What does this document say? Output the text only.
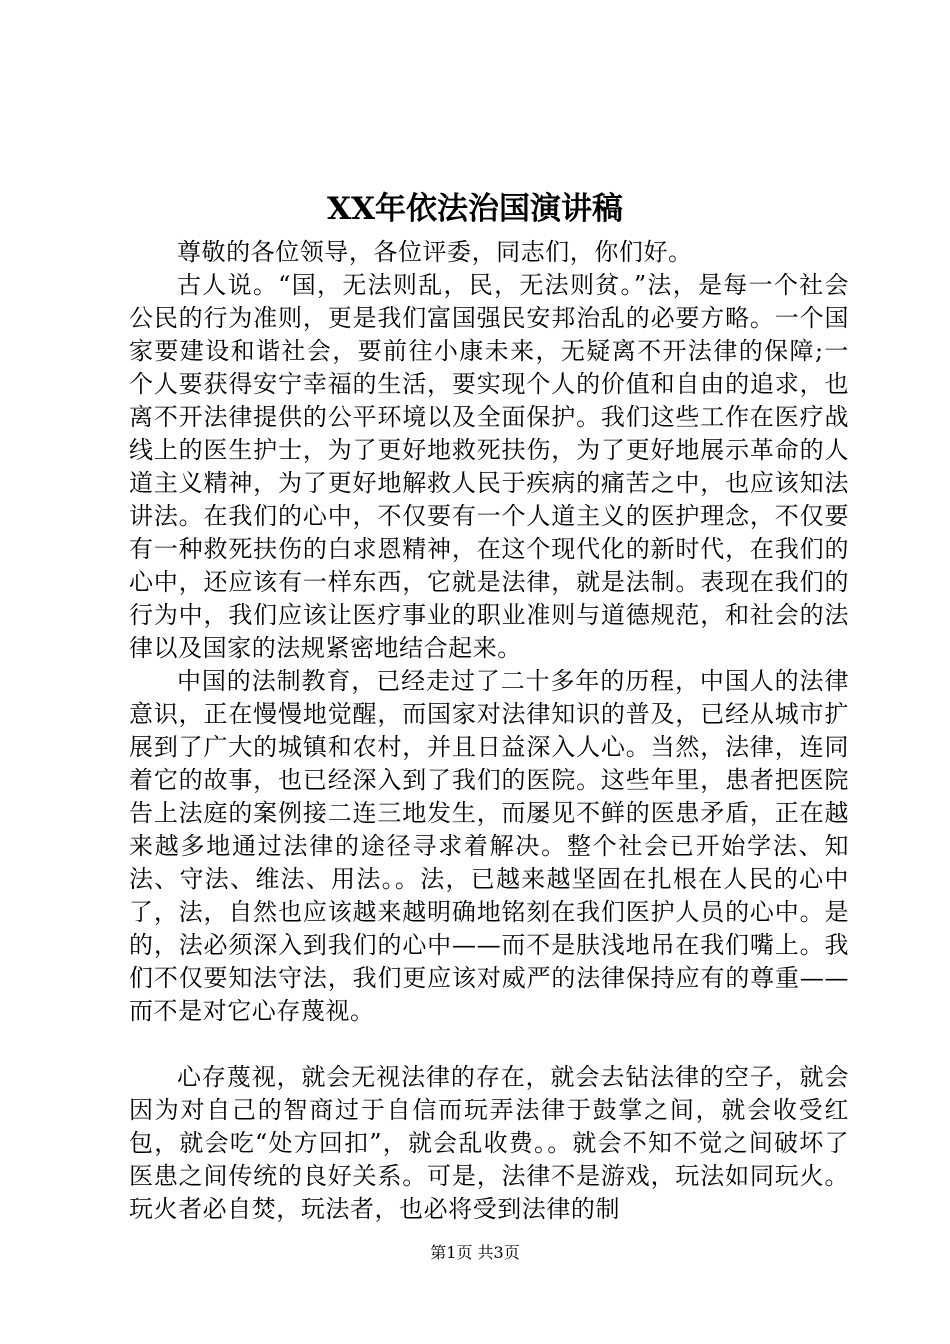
XX年依法治国演讲稿

尊敬的各位领导，各位评委，同志们，你们好。

古人说。“国，无法则乱，民，无法则贫。”法，是每一个社会公民的行为准则，更是我们富国强民安邦治乱的必要方略。一个国家要建设和谐社会，要前往小康未来，无疑离不开法律的保障;一个人要获得安宁幸福的生活，要实现个人的价值和自由的追求，也离不开法律提供的公平环境以及全面保护。我们这些工作在医疗战线上的医生护士，为了更好地救死扶伤，为了更好地展示革命的人道主义精神，为了更好地解救人民于疾病的痛苦之中，也应该知法讲法。在我们的心中，不仅要有一个人道主义的医护理念，不仅要有一种救死扶伤的白求恩精神，在这个现代化的新时代，在我们的心中，还应该有一样东西，它就是法律，就是法制。表现在我们的行为中，我们应该让医疗事业的职业准则与道德规范，和社会的法律以及国家的法规紧密地结合起来。

中国的法制教育，已经走过了二十多年的历程，中国人的法律意识，正在慢慢地觉醒，而国家对法律知识的普及，已经从城市扩展到了广大的城镇和农村，并且日益深入人心。当然，法律，连同着它的故事，也已经深入到了我们的医院。这些年里，患者把医院告上法庭的案例接二连三地发生，而屡见不鲜的医患矛盾，正在越来越多地通过法律的途径寻求着解决。整个社会已开始学法、知法、守法、维法、用法。。法，已越来越坚固在扎根在人民的心中了，法，自然也应该越来越明确地铭刻在我们医护人员的心中。是的，法必须深入到我们的心中——而不是肤浅地吊在我们嘴上。我们不仅要知法守法，我们更应该对威严的法律保持应有的尊重——而不是对它心存蔑视。

心存蔑视，就会无视法律的存在，就会去钻法律的空子，就会因为对自己的智商过于自信而玩弄法律于鼓掌之间，就会收受红包，就会吃“处方回扣”，就会乱收费。。就会不知不觉之间破坏了医患之间传统的良好关系。可是，法律不是游戏，玩法如同玩火。玩火者必自焚，玩法者，也必将受到法律的制

第1页 共3页
